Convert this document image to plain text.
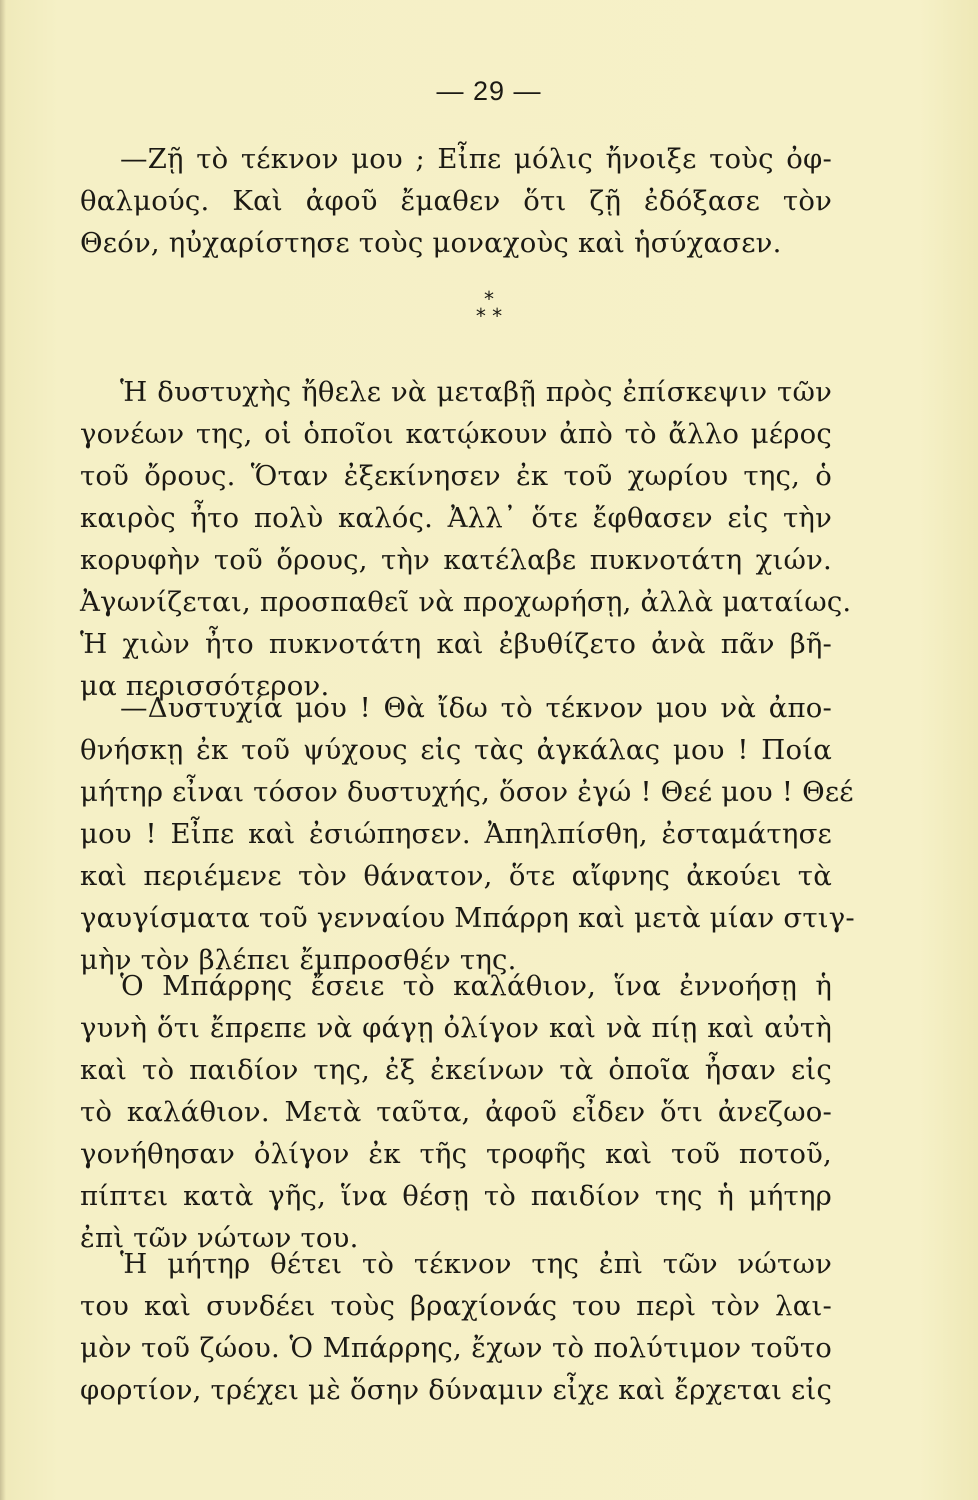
— 29 —
—Ζῇ τὸ τέκνον μου ; Εἶπε μόλις ἤνοιξε τοὺς ὀφ-
θαλμούς. Καὶ ἀφοῦ ἔμαθεν ὅτι ζῇ ἐδόξασε τὸν
Θεόν, ηὐχαρίστησε τοὺς μοναχοὺς καὶ ἡσύχασεν.
*
* *
Ἡ δυστυχὴς ἤθελε νὰ μεταβῇ πρὸς ἐπίσκεψιν τῶν
γονέων της, οἱ ὁποῖοι κατῴκουν ἀπὸ τὸ ἄλλο μέρος
τοῦ ὄρους. Ὅταν ἐξεκίνησεν ἐκ τοῦ χωρίου της, ὁ
καιρὸς ἦτο πολὺ καλός. Ἀλλ᾽ ὅτε ἔφθασεν εἰς τὴν
κορυφὴν τοῦ ὄρους, τὴν κατέλαβε πυκνοτάτη χιών.
Ἀγωνίζεται, προσπαθεῖ νὰ προχωρήσῃ, ἀλλὰ ματαίως.
Ἡ χιὼν ἦτο πυκνοτάτη καὶ ἐβυθίζετο ἀνὰ πᾶν βῆ-
μα περισσότερον.
—Δυστυχία μου ! Θὰ ἴδω τὸ τέκνον μου νὰ ἀπο-
θνήσκῃ ἐκ τοῦ ψύχους εἰς τὰς ἀγκάλας μου ! Ποία
μήτηρ εἶναι τόσον δυστυχής, ὅσον ἐγώ ! Θεέ μου ! Θεέ
μου ! Εἶπε καὶ ἐσιώπησεν. Ἀπηλπίσθη, ἐσταμάτησε
καὶ περιέμενε τὸν θάνατον, ὅτε αἴφνης ἀκούει τὰ
γαυγίσματα τοῦ γενναίου Μπάρρη καὶ μετὰ μίαν στιγ-
μὴν τὸν βλέπει ἔμπροσθέν της.
Ὁ Μπάρρης ἔσειε τὸ καλάθιον, ἵνα ἐννοήσῃ ἡ
γυνὴ ὅτι ἔπρεπε νὰ φάγῃ ὀλίγον καὶ νὰ πίῃ καὶ αὐτὴ
καὶ τὸ παιδίον της, ἐξ ἐκείνων τὰ ὁποῖα ἦσαν εἰς
τὸ καλάθιον. Μετὰ ταῦτα, ἀφοῦ εἶδεν ὅτι ἀνεζωο-
γονήθησαν ὀλίγον ἐκ τῆς τροφῆς καὶ τοῦ ποτοῦ,
πίπτει κατὰ γῆς, ἵνα θέσῃ τὸ παιδίον της ἡ μήτηρ
ἐπὶ τῶν νώτων του.
Ἡ μήτηρ θέτει τὸ τέκνον της ἐπὶ τῶν νώτων
του καὶ συνδέει τοὺς βραχίονάς του περὶ τὸν λαι-
μὸν τοῦ ζώου. Ὁ Μπάρρης, ἔχων τὸ πολύτιμον τοῦτο
φορτίον, τρέχει μὲ ὅσην δύναμιν εἶχε καὶ ἔρχεται εἰς
